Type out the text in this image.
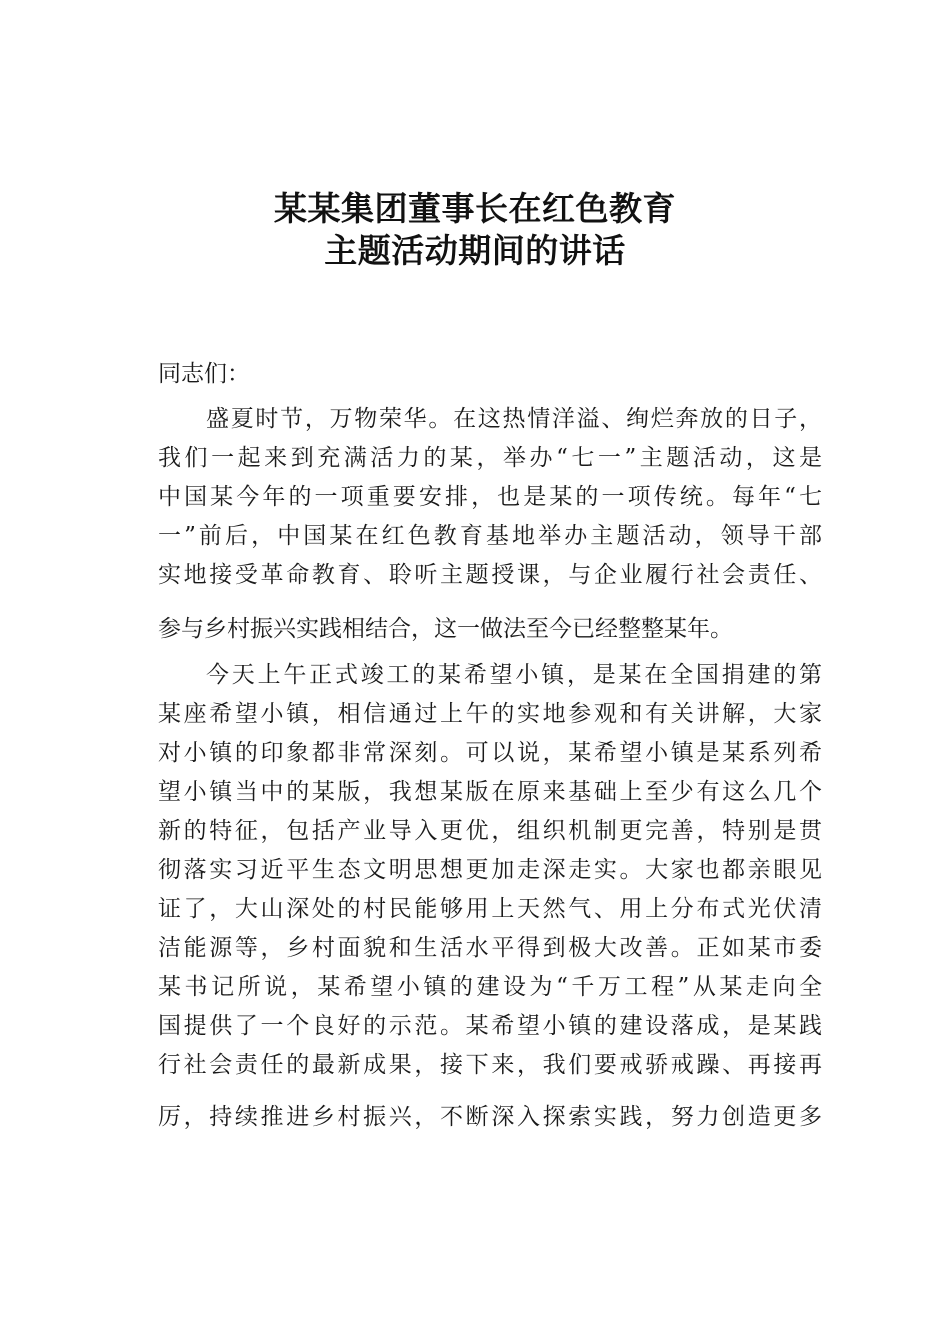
某某集团董事长在红色教育
主题活动期间的讲话
同志们：
盛夏时节，万物荣华。在这热情洋溢、绚烂奔放的日子，
我们一起来到充满活力的某，举办“七一”主题活动，这是
中国某今年的一项重要安排，也是某的一项传统。每年“七
一”前后，中国某在红色教育基地举办主题活动，领导干部
实地接受革命教育、聆听主题授课，与企业履行社会责任、
参与乡村振兴实践相结合，这一做法至今已经整整某年。
今天上午正式竣工的某希望小镇，是某在全国捐建的第
某座希望小镇，相信通过上午的实地参观和有关讲解，大家
对小镇的印象都非常深刻。可以说，某希望小镇是某系列希
望小镇当中的某版，我想某版在原来基础上至少有这么几个
新的特征，包括产业导入更优，组织机制更完善，特别是贯
彻落实习近平生态文明思想更加走深走实。大家也都亲眼见
证了，大山深处的村民能够用上天然气、用上分布式光伏清
洁能源等，乡村面貌和生活水平得到极大改善。正如某市委
某书记所说，某希望小镇的建设为“千万工程”从某走向全
国提供了一个良好的示范。某希望小镇的建设落成，是某践
行社会责任的最新成果，接下来，我们要戒骄戒躁、再接再
厉，持续推进乡村振兴，不断深入探索实践，努力创造更多
